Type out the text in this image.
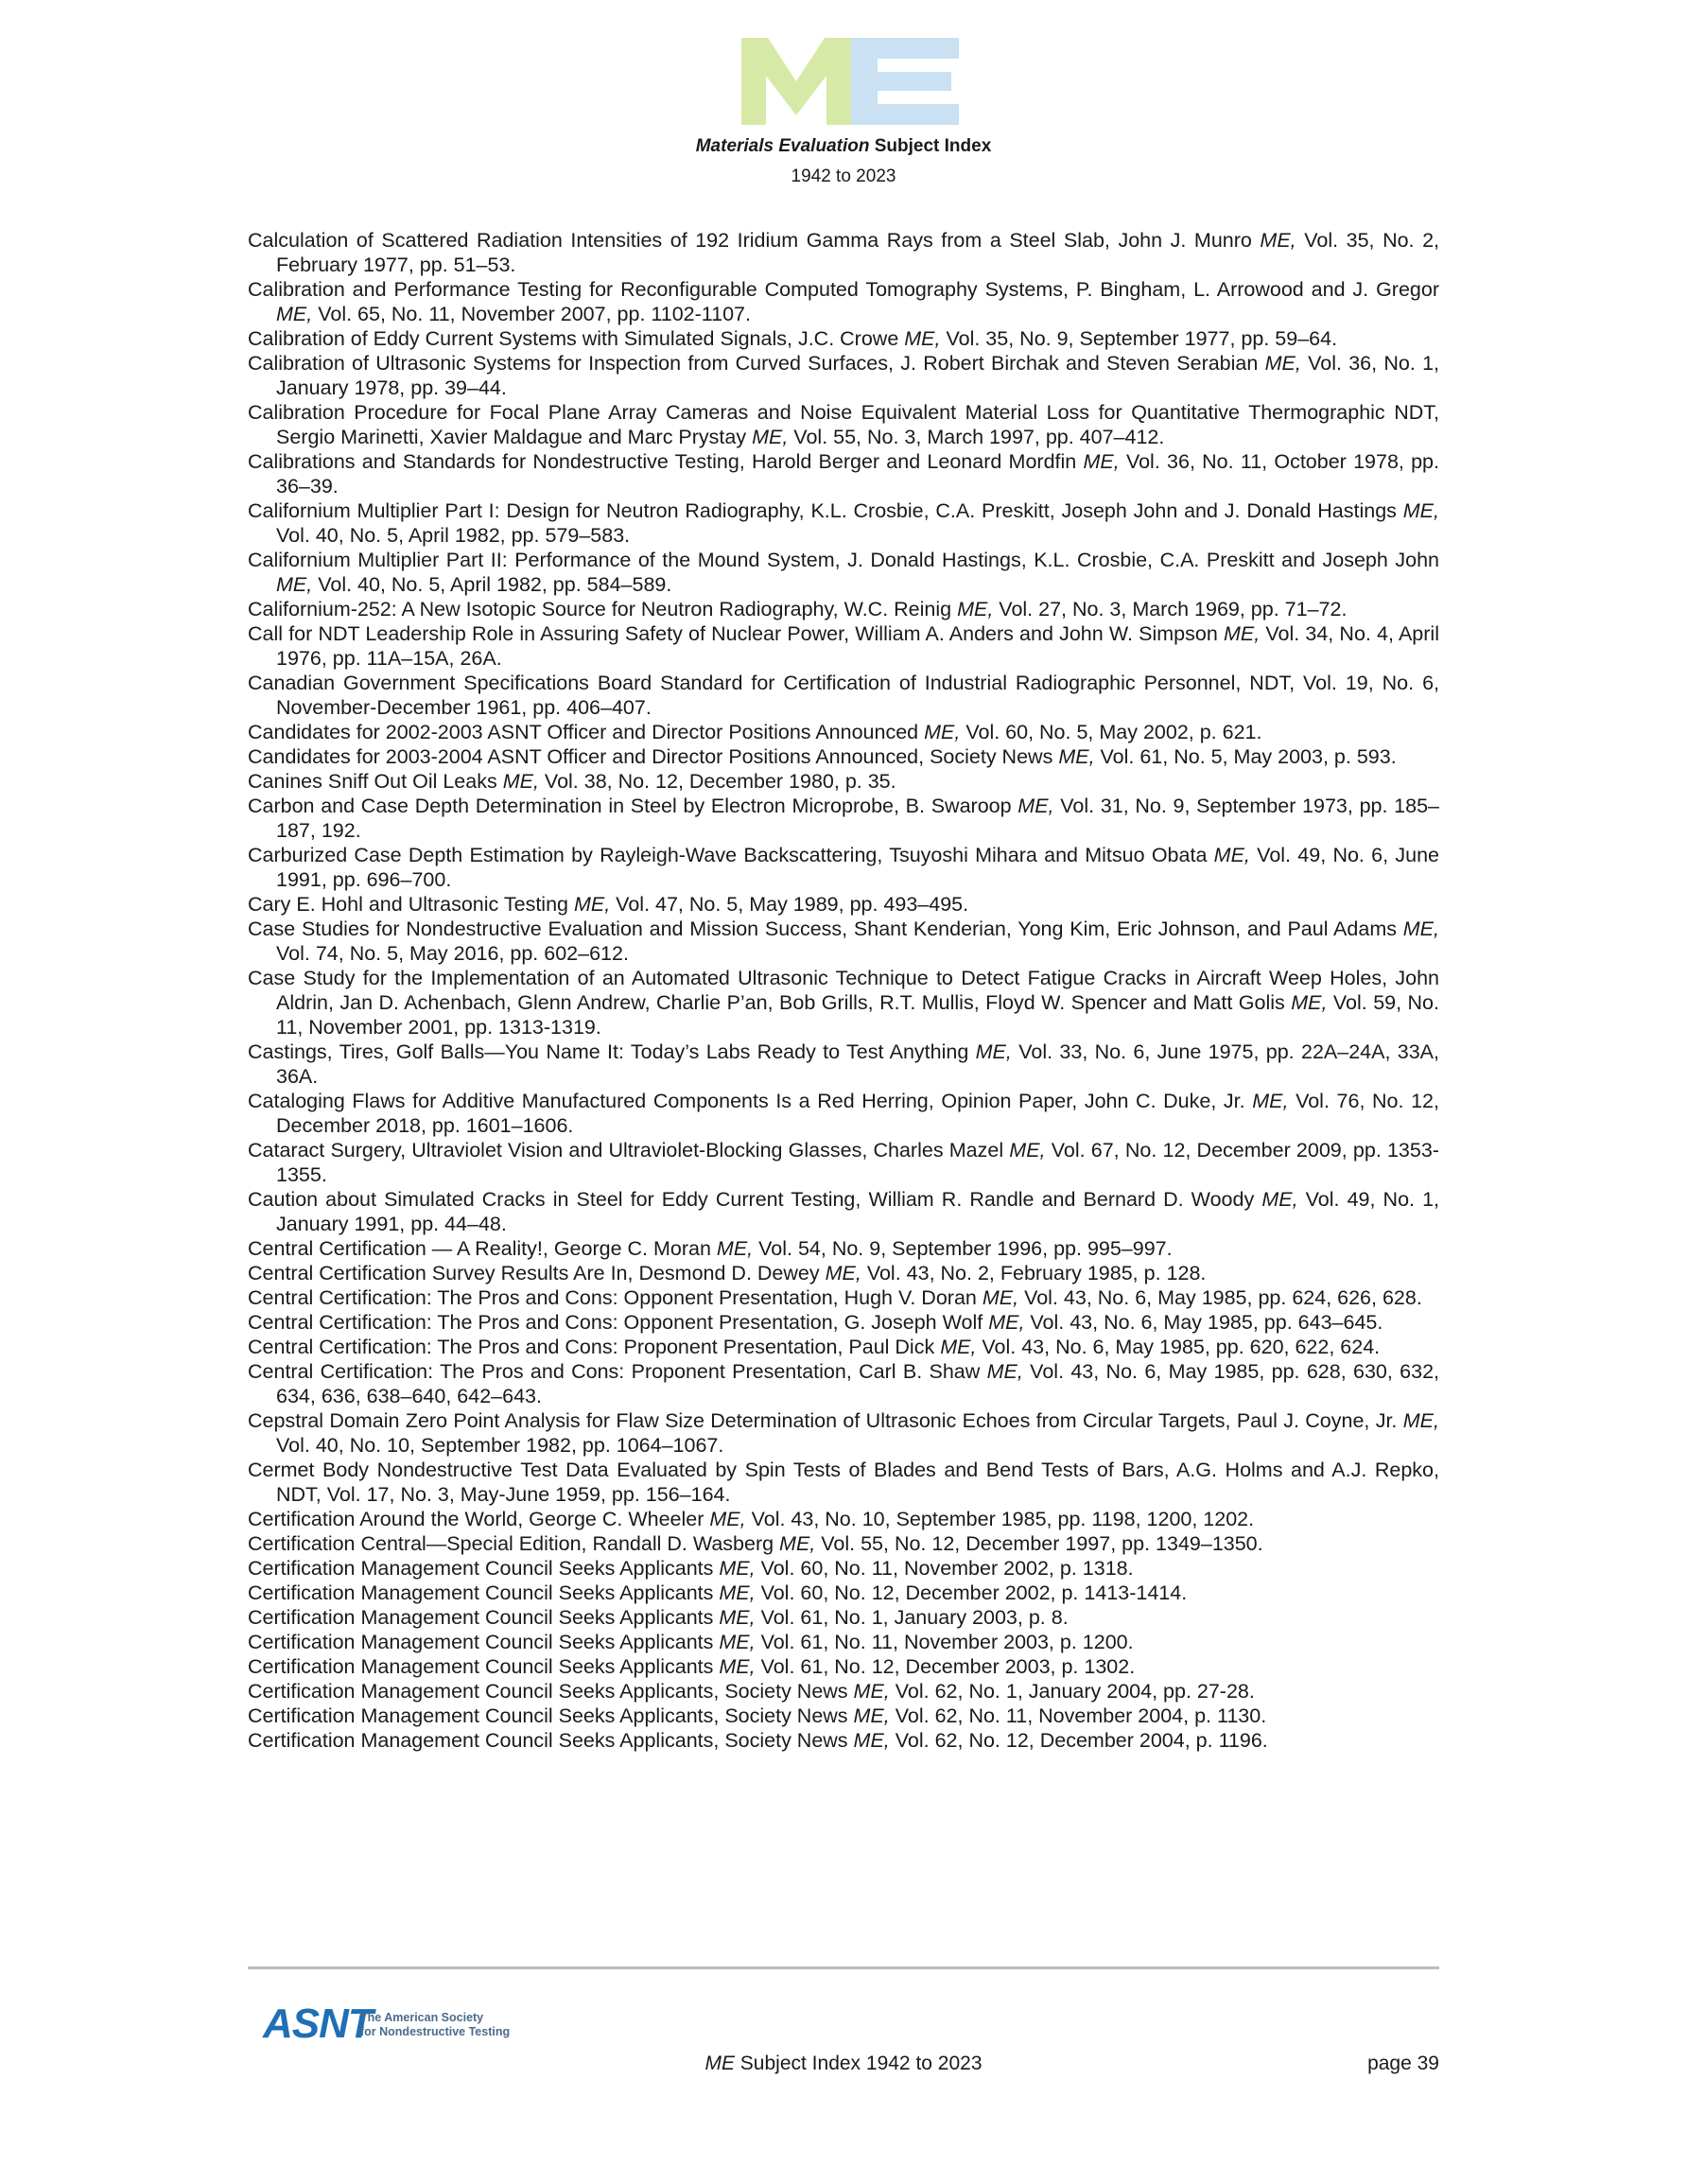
Materials Evaluation Subject Index
1942 to 2023
Calculation of Scattered Radiation Intensities of 192 Iridium Gamma Rays from a Steel Slab, John J. Munro ME, Vol. 35, No. 2, February 1977, pp. 51–53.
Calibration and Performance Testing for Reconfigurable Computed Tomography Systems, P. Bingham, L. Arrowood and J. Gregor ME, Vol. 65, No. 11, November 2007, pp. 1102-1107.
Calibration of Eddy Current Systems with Simulated Signals, J.C. Crowe ME, Vol. 35, No. 9, September 1977, pp. 59–64.
Calibration of Ultrasonic Systems for Inspection from Curved Surfaces, J. Robert Birchak and Steven Serabian ME, Vol. 36, No. 1, January 1978, pp. 39–44.
Calibration Procedure for Focal Plane Array Cameras and Noise Equivalent Material Loss for Quantitative Thermographic NDT, Sergio Marinetti, Xavier Maldague and Marc Prystay ME, Vol. 55, No. 3, March 1997, pp. 407–412.
Calibrations and Standards for Nondestructive Testing, Harold Berger and Leonard Mordfin ME, Vol. 36, No. 11, October 1978, pp. 36–39.
Californium Multiplier Part I: Design for Neutron Radiography, K.L. Crosbie, C.A. Preskitt, Joseph John and J. Donald Hastings ME, Vol. 40, No. 5, April 1982, pp. 579–583.
Californium Multiplier Part II: Performance of the Mound System, J. Donald Hastings, K.L. Crosbie, C.A. Preskitt and Joseph John ME, Vol. 40, No. 5, April 1982, pp. 584–589.
Californium-252: A New Isotopic Source for Neutron Radiography, W.C. Reinig ME, Vol. 27, No. 3, March 1969, pp. 71–72.
Call for NDT Leadership Role in Assuring Safety of Nuclear Power, William A. Anders and John W. Simpson ME, Vol. 34, No. 4, April 1976, pp. 11A–15A, 26A.
Canadian Government Specifications Board Standard for Certification of Industrial Radiographic Personnel, NDT, Vol. 19, No. 6, November-December 1961, pp. 406–407.
Candidates for 2002-2003 ASNT Officer and Director Positions Announced ME, Vol. 60, No. 5, May 2002, p. 621.
Candidates for 2003-2004 ASNT Officer and Director Positions Announced, Society News ME, Vol. 61, No. 5, May 2003, p. 593.
Canines Sniff Out Oil Leaks ME, Vol. 38, No. 12, December 1980, p. 35.
Carbon and Case Depth Determination in Steel by Electron Microprobe, B. Swaroop ME, Vol. 31, No. 9, September 1973, pp. 185–187, 192.
Carburized Case Depth Estimation by Rayleigh-Wave Backscattering, Tsuyoshi Mihara and Mitsuo Obata ME, Vol. 49, No. 6, June 1991, pp. 696–700.
Cary E. Hohl and Ultrasonic Testing ME, Vol. 47, No. 5, May 1989, pp. 493–495.
Case Studies for Nondestructive Evaluation and Mission Success, Shant Kenderian, Yong Kim, Eric Johnson, and Paul Adams ME, Vol. 74, No. 5, May 2016, pp. 602–612.
Case Study for the Implementation of an Automated Ultrasonic Technique to Detect Fatigue Cracks in Aircraft Weep Holes, John Aldrin, Jan D. Achenbach, Glenn Andrew, Charlie P’an, Bob Grills, R.T. Mullis, Floyd W. Spencer and Matt Golis ME, Vol. 59, No. 11, November 2001, pp. 1313-1319.
Castings, Tires, Golf Balls—You Name It: Today’s Labs Ready to Test Anything ME, Vol. 33, No. 6, June 1975, pp. 22A–24A, 33A, 36A.
Cataloging Flaws for Additive Manufactured Components Is a Red Herring, Opinion Paper, John C. Duke, Jr. ME, Vol. 76, No. 12, December 2018, pp. 1601–1606.
Cataract Surgery, Ultraviolet Vision and Ultraviolet-Blocking Glasses, Charles Mazel ME, Vol. 67, No. 12, December 2009, pp. 1353-1355.
Caution about Simulated Cracks in Steel for Eddy Current Testing, William R. Randle and Bernard D. Woody ME, Vol. 49, No. 1, January 1991, pp. 44–48.
Central Certification — A Reality!, George C. Moran ME, Vol. 54, No. 9, September 1996, pp. 995–997.
Central Certification Survey Results Are In, Desmond D. Dewey ME, Vol. 43, No. 2, February 1985, p. 128.
Central Certification: The Pros and Cons: Opponent Presentation, Hugh V. Doran ME, Vol. 43, No. 6, May 1985, pp. 624, 626, 628.
Central Certification: The Pros and Cons: Opponent Presentation, G. Joseph Wolf ME, Vol. 43, No. 6, May 1985, pp. 643–645.
Central Certification: The Pros and Cons: Proponent Presentation, Paul Dick ME, Vol. 43, No. 6, May 1985, pp. 620, 622, 624.
Central Certification: The Pros and Cons: Proponent Presentation, Carl B. Shaw ME, Vol. 43, No. 6, May 1985, pp. 628, 630, 632, 634, 636, 638–640, 642–643.
Cepstral Domain Zero Point Analysis for Flaw Size Determination of Ultrasonic Echoes from Circular Targets, Paul J. Coyne, Jr. ME, Vol. 40, No. 10, September 1982, pp. 1064–1067.
Cermet Body Nondestructive Test Data Evaluated by Spin Tests of Blades and Bend Tests of Bars, A.G. Holms and A.J. Repko, NDT, Vol. 17, No. 3, May-June 1959, pp. 156–164.
Certification Around the World, George C. Wheeler ME, Vol. 43, No. 10, September 1985, pp. 1198, 1200, 1202.
Certification Central—Special Edition, Randall D. Wasberg ME, Vol. 55, No. 12, December 1997, pp. 1349–1350.
Certification Management Council Seeks Applicants ME, Vol. 60, No. 11, November 2002, p. 1318.
Certification Management Council Seeks Applicants ME, Vol. 60, No. 12, December 2002, p. 1413-1414.
Certification Management Council Seeks Applicants ME, Vol. 61, No. 1, January 2003, p. 8.
Certification Management Council Seeks Applicants ME, Vol. 61, No. 11, November 2003, p. 1200.
Certification Management Council Seeks Applicants ME, Vol. 61, No. 12, December 2003, p. 1302.
Certification Management Council Seeks Applicants, Society News ME, Vol. 62, No. 1, January 2004, pp. 27-28.
Certification Management Council Seeks Applicants, Society News ME, Vol. 62, No. 11, November 2004, p. 1130.
Certification Management Council Seeks Applicants, Society News ME, Vol. 62, No. 12, December 2004, p. 1196.
ASNT
The American Society
for Nondestructive Testing
ME Subject Index 1942 to 2023	page 39
